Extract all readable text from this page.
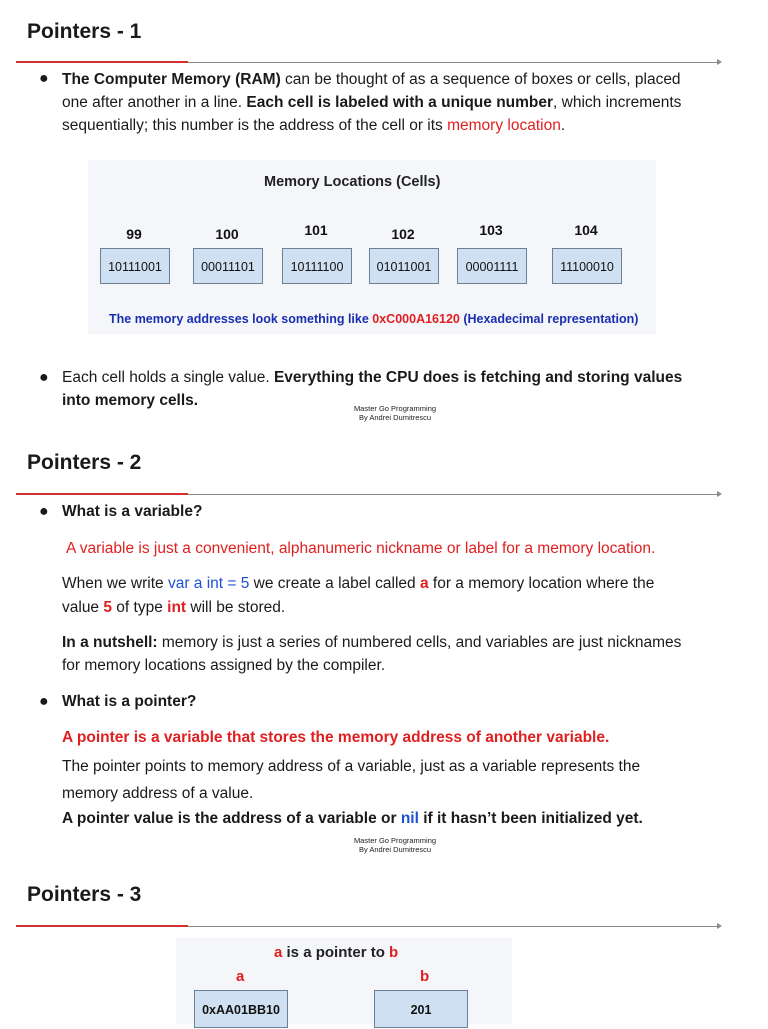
Pointers - 1
● The Computer Memory (RAM) can be thought of as a sequence of boxes or cells, placed
one after another in a line. Each cell is labeled with a unique number, which increments
sequentially; this number is the address of the cell or its memory location.
Memory Locations (Cells)
99
10111001
100
00011101
101
10111100
102
01011001
103
00001111
104
11100010
The memory addresses look something like 0xC000A16120 (Hexadecimal representation)
● Each cell holds a single value. Everything the CPU does is fetching and storing values
into memory cells.	Master Go Programming
By Andrei Dumitrescu
Pointers - 2
● What is a variable?
A variable is just a convenient, alphanumeric nickname or label for a memory location.
When we write var a int = 5 we create a label called a for a memory location where the
value 5 of type int will be stored.
In a nutshell: memory is just a series of numbered cells, and variables are just nicknames
for memory locations assigned by the compiler.
● What is a pointer?
A pointer is a variable that stores the memory address of another variable.
The pointer points to memory address of a variable, just as a variable represents the
memory address of a value.
A pointer value is the address of a variable or nil if it hasn’t been initialized yet.
Master Go Programming
By Andrei Dumitrescu
Pointers - 3
a is a pointer to b
a	b
0xAA01BB10	201
